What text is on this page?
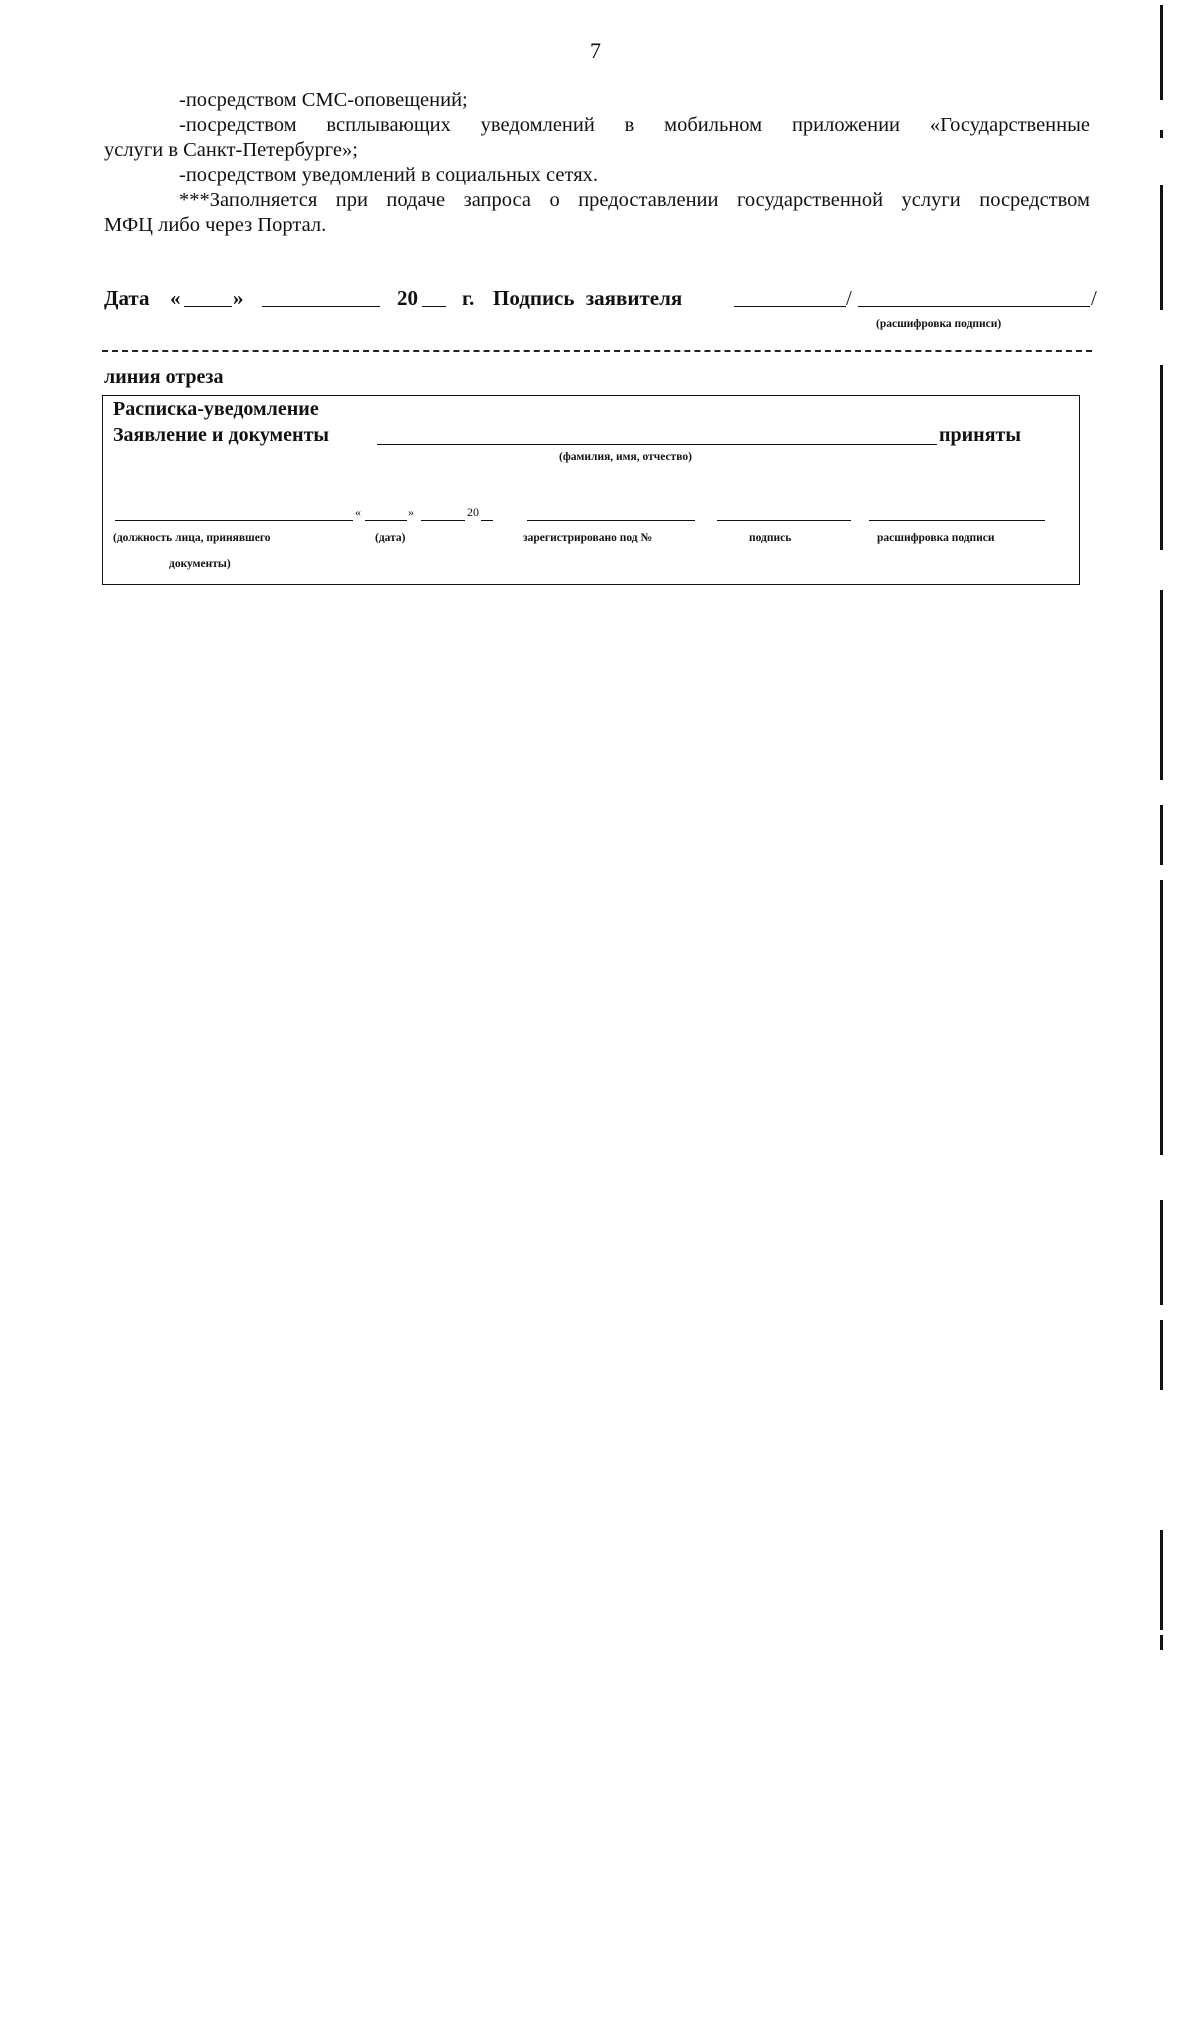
7
-посредством СМС-оповещений;
-посредством всплывающих уведомлений в мобильном приложении «Государственные
услуги в Санкт-Петербурге»;
-посредством уведомлений в социальных сетях.
***Заполняется при подаче запроса о предоставлении государственной услуги посредством
МФЦ либо через Портал.
Дата «	»	20 г. Подпись заявителя	/	/
(расшифровка подписи)
линия отреза
Расписка-уведомление
Заявление и документы	приняты
(фамилия, имя, отчество)
«	»	20
(должность лица, принявшего
документы)
(дата)	зарегистрировано под №	подпись	расшифровка подписи
